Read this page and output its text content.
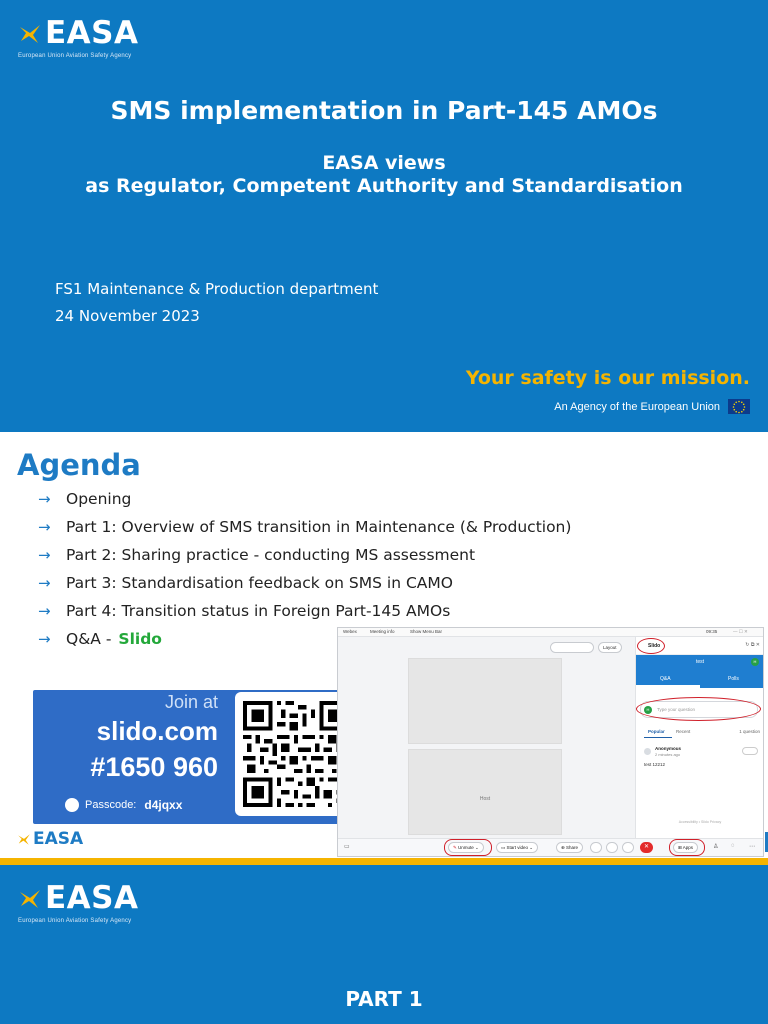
EASA
European Union Aviation Safety Agency
SMS implementation in Part-145 AMOs
EASA views
as Regulator, Competent Authority and Standardisation
FS1 Maintenance & Production department
24 November 2023
Your safety is our mission.
An Agency of the European Union
Agenda
→ Opening
→ Part 1: Overview of SMS transition in Maintenance (& Production)
→ Part 2: Sharing practice - conducting MS assessment
→ Part 3: Standardisation feedback on SMS in CAMO
→ Part 4: Transition status in Foreign Part-145 AMOs
→ Q&A - Slido
Join at
slido.com
#1650 960
Passcode: d4jqxx
EASA
Webex	Meeting info	Show Menu Bar	09:35	— ☐ ✕
Layout
Host
Slido	↻ ⧉ ✕
test	H
Q&A	Polls
H	Type your question
Popular Recent	1 question
Anonymous
2 minutes ago
test 12212
Accessibility • Slido Privacy
▭	✎ Unmute ⌄	▭ Start video ⌄	⊕ Share	✕	⊞ Apps	♙ ◌ ⋯
EASA
European Union Aviation Safety Agency
PART 1
